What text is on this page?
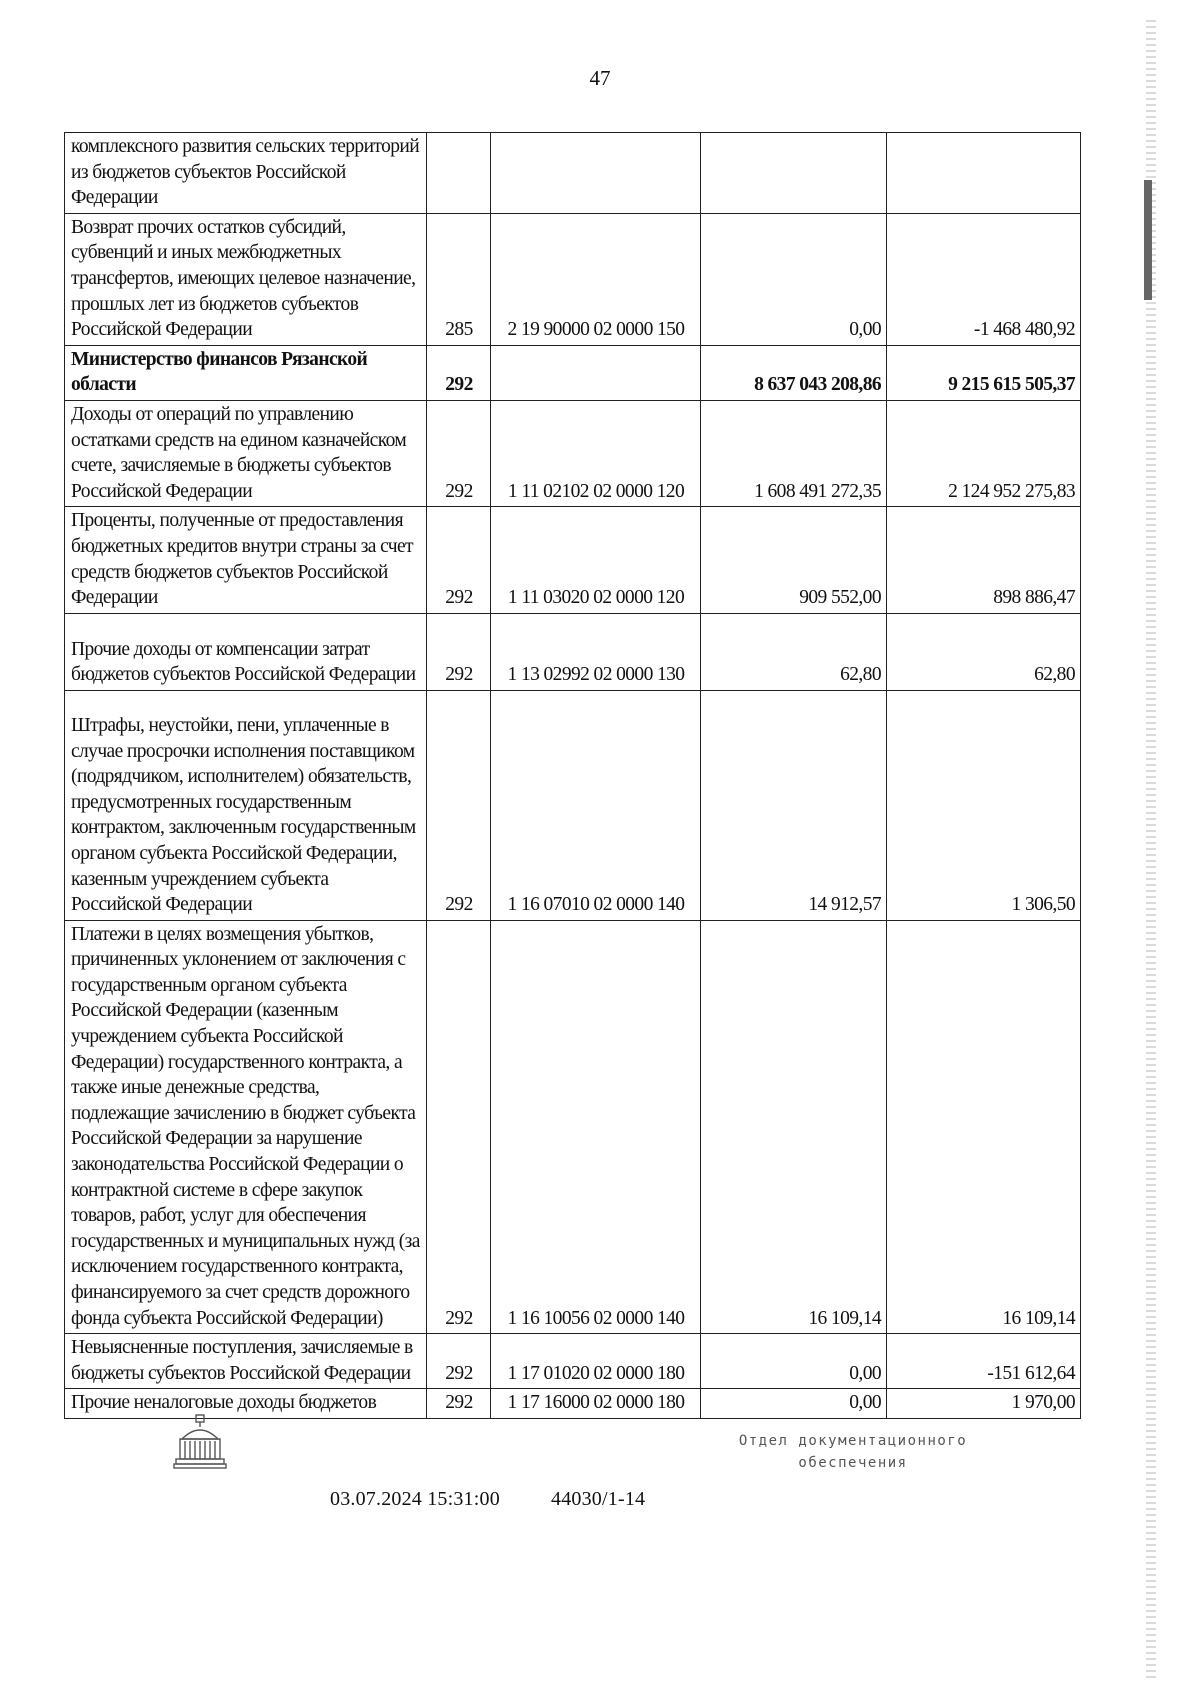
47
комплексного развития сельских территорий из бюджетов субъектов Российской Федерации				
Возврат прочих остатков субсидий, субвенций и иных межбюджетных трансфертов, имеющих целевое назначение, прошлых лет из бюджетов субъектов Российской Федерации	285	2 19 90000 02 0000 150	0,00	-1 468 480,92
Министерство финансов Рязанской области	292		8 637 043 208,86	9 215 615 505,37
Доходы от операций по управлению остатками средств на едином казначейском счете, зачисляемые в бюджеты субъектов Российской Федерации	292	1 11 02102 02 0000 120	1 608 491 272,35	2 124 952 275,83
Проценты, полученные от предоставления бюджетных кредитов внутри страны за счет средств бюджетов субъектов Российской Федерации	292	1 11 03020 02 0000 120	909 552,00	898 886,47
Прочие доходы от компенсации затрат бюджетов субъектов Российской Федерации	292	1 13 02992 02 0000 130	62,80	62,80
Штрафы, неустойки, пени, уплаченные в случае просрочки исполнения поставщиком (подрядчиком, исполнителем) обязательств, предусмотренных государственным контрактом, заключенным государственным органом субъекта Российской Федерации, казенным учреждением субъекта Российской Федерации	292	1 16 07010 02 0000 140	14 912,57	1 306,50
Платежи в целях возмещения убытков, причиненных уклонением от заключения с государственным органом субъекта Российской Федерации (казенным учреждением субъекта Российской Федерации) государственного контракта, а также иные денежные средства, подлежащие зачислению в бюджет субъекта Российской Федерации за нарушение законодательства Российской Федерации о контрактной системе в сфере закупок товаров, работ, услуг для обеспечения государственных и муниципальных нужд (за исключением государственного контракта, финансируемого за счет средств дорожного фонда субъекта Российской Федерации)	292	1 16 10056 02 0000 140	16 109,14	16 109,14
Невыясненные поступления, зачисляемые в бюджеты субъектов Российской Федерации	292	1 17 01020 02 0000 180	0,00	-151 612,64
Прочие неналоговые доходы бюджетов	292	1 17 16000 02 0000 180	0,00	1 970,00
Отдел документационного
обеспечения
03.07.2024 15:31:00	44030/1-14
